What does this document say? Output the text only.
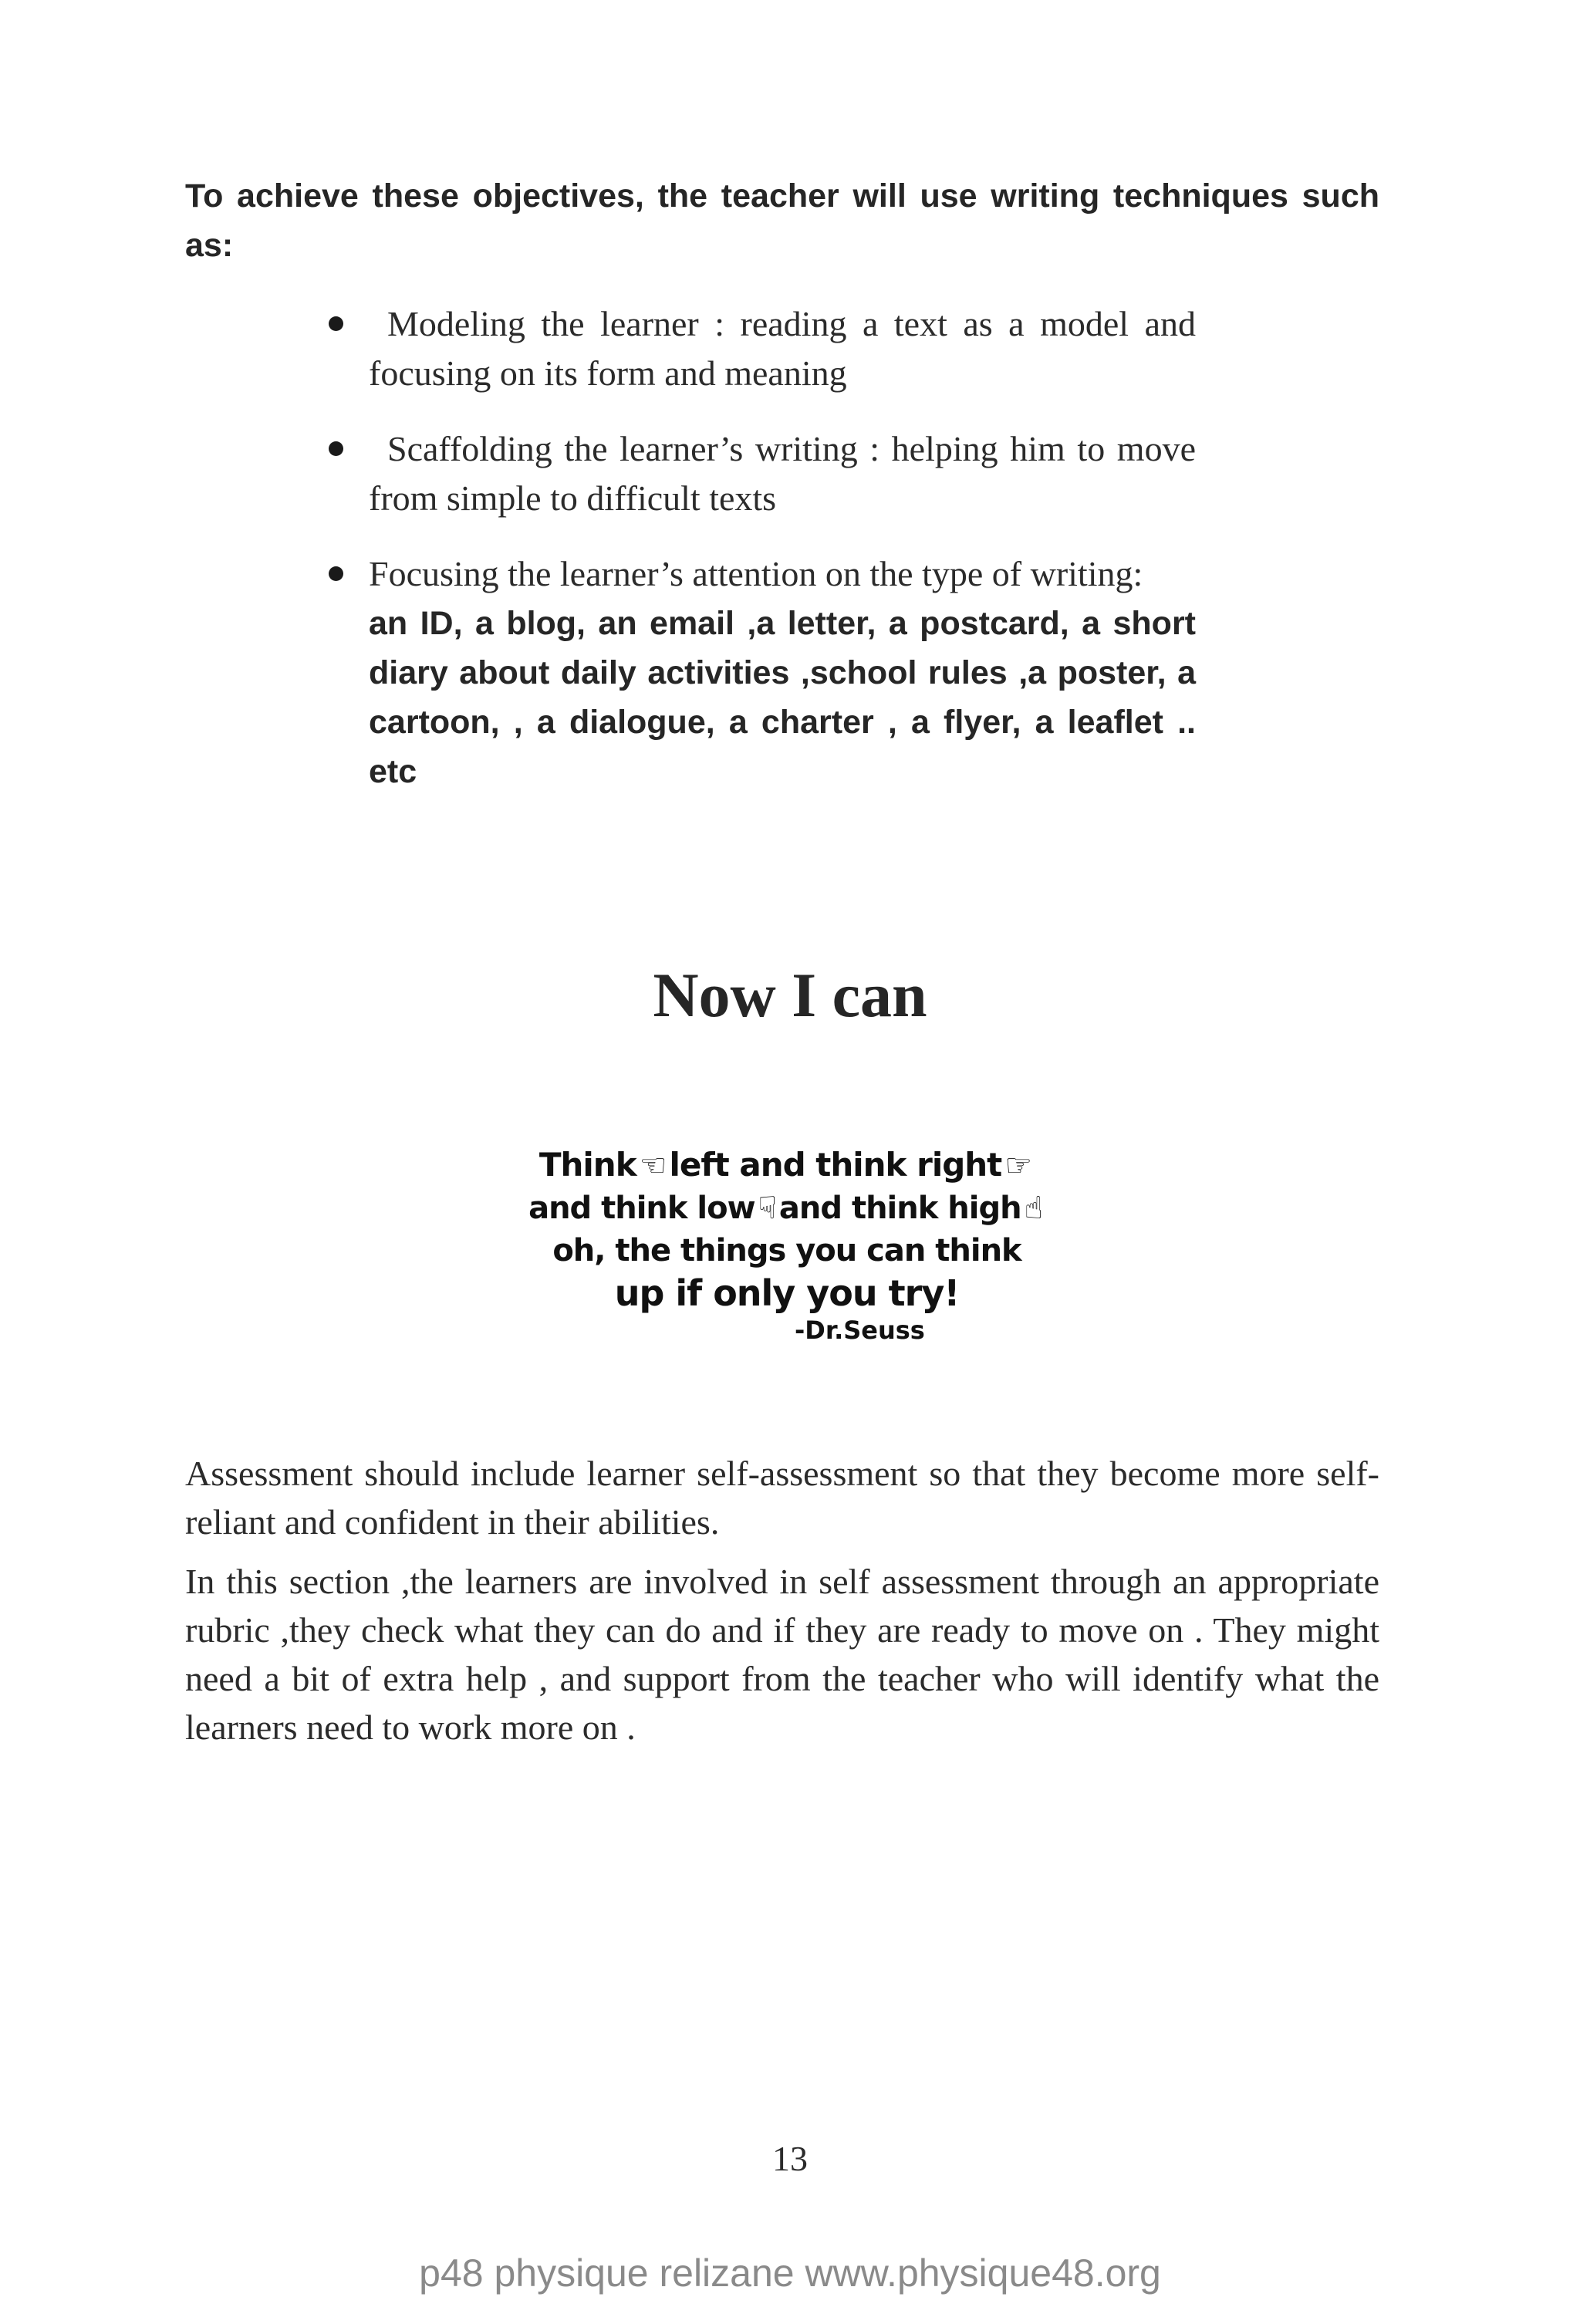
To achieve these objectives, the teacher will use writing techniques such as:
Modeling the learner : reading a text as a model and focusing on its form and meaning
Scaffolding the learner’s writing : helping him to move from simple to difficult texts
Focusing the learner’s attention on the type of writing:
an ID, a blog, an email ,a letter, a postcard, a short diary about daily activities ,school rules ,a poster, a cartoon, , a dialogue, a charter , a flyer, a leaflet .. etc
Now I can
Think ☜left and think right ☞
and think low ☟ and think high ☝
oh, the things you can think
up if only you try!
-Dr.Seuss

Assessment should include learner self-assessment so that they become more self-reliant and confident in their abilities.

In this section ,the learners are involved in self assessment through an appropriate rubric ,they check what they can do and if they are ready to move on . They might need a bit of extra help , and support from the teacher who will identify what the learners need to work more on .

13
p48 physique relizane www.physique48.org
